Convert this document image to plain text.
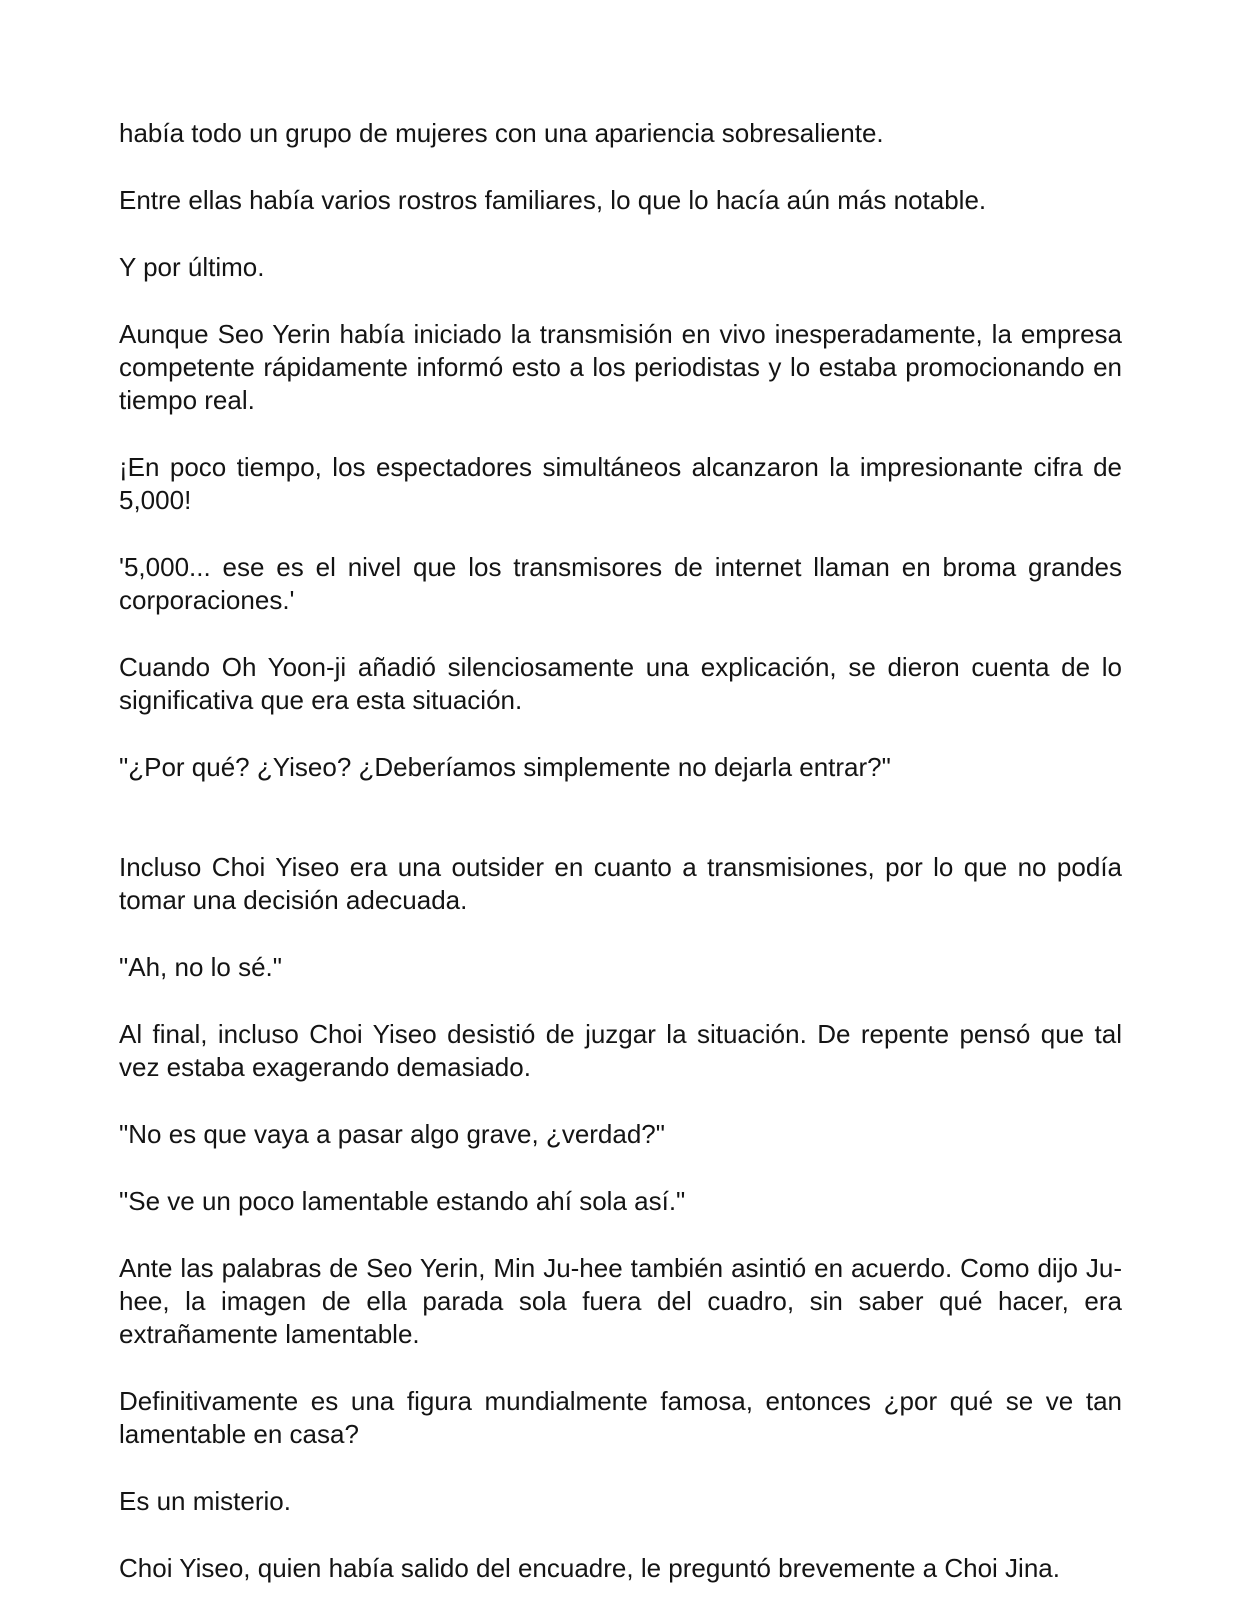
había todo un grupo de mujeres con una apariencia sobresaliente.

Entre ellas había varios rostros familiares, lo que lo hacía aún más notable.

Y por último.

Aunque Seo Yerin había iniciado la transmisión en vivo inesperadamente, la empresa competente rápidamente informó esto a los periodistas y lo estaba promocionando en tiempo real.

¡En poco tiempo, los espectadores simultáneos alcanzaron la impresionante cifra de 5,000!

'5,000... ese es el nivel que los transmisores de internet llaman en broma grandes corporaciones.'

Cuando Oh Yoon-ji añadió silenciosamente una explicación, se dieron cuenta de lo significativa que era esta situación.

"¿Por qué? ¿Yiseo? ¿Deberíamos simplemente no dejarla entrar?"

Incluso Choi Yiseo era una outsider en cuanto a transmisiones, por lo que no podía tomar una decisión adecuada.

"Ah, no lo sé."

Al final, incluso Choi Yiseo desistió de juzgar la situación. De repente pensó que tal vez estaba exagerando demasiado.

"No es que vaya a pasar algo grave, ¿verdad?"

"Se ve un poco lamentable estando ahí sola así."

Ante las palabras de Seo Yerin, Min Ju-hee también asintió en acuerdo. Como dijo Ju-hee, la imagen de ella parada sola fuera del cuadro, sin saber qué hacer, era extrañamente lamentable.

Definitivamente es una figura mundialmente famosa, entonces ¿por qué se ve tan lamentable en casa?

Es un misterio.

Choi Yiseo, quien había salido del encuadre, le preguntó brevemente a Choi Jina.
